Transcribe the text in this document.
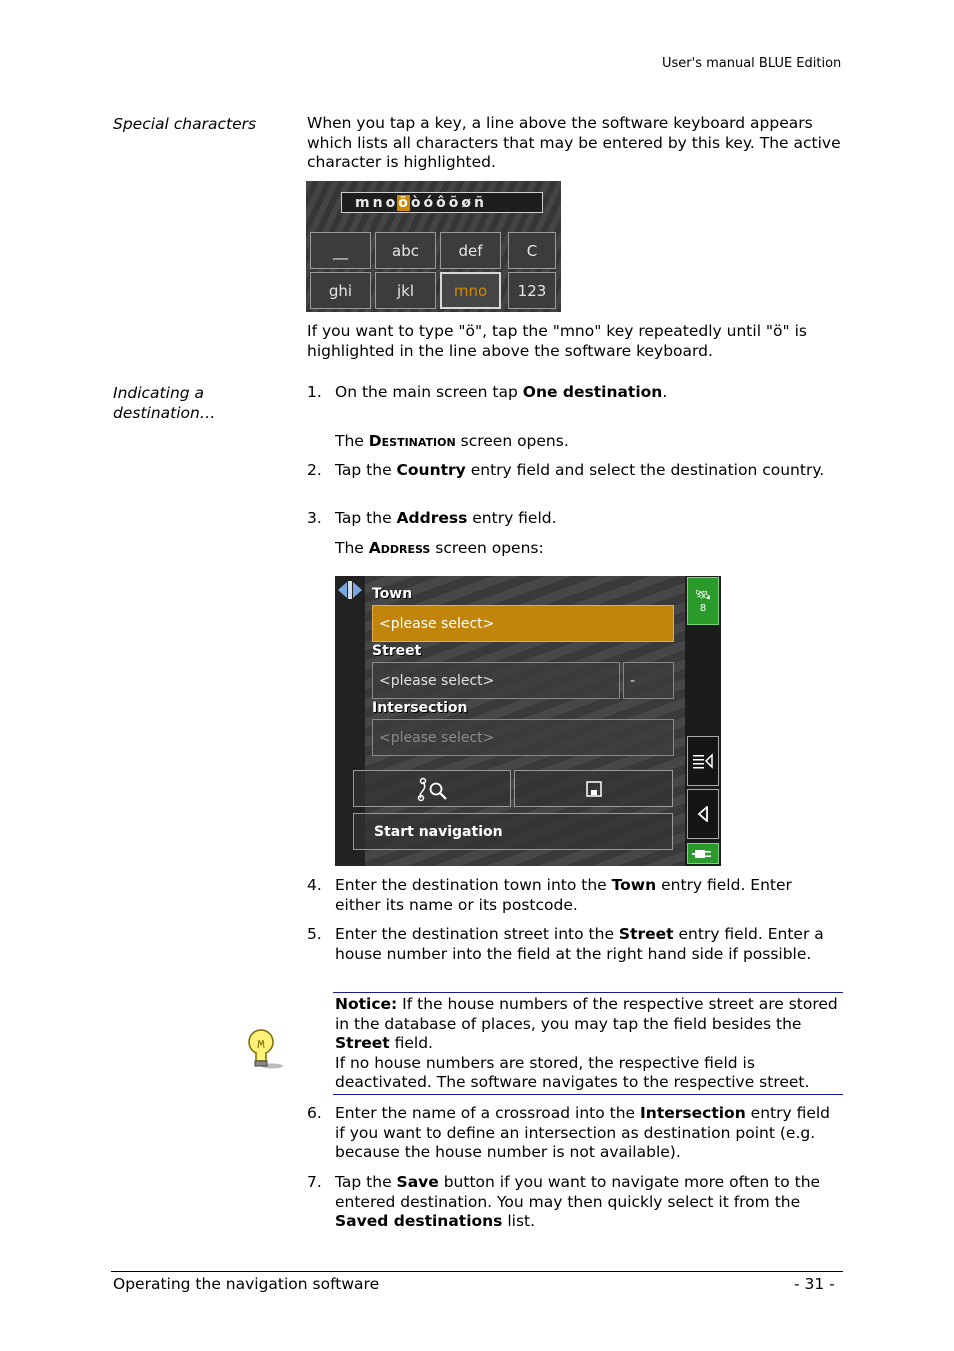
User's manual BLUE Edition
Special characters	When you tap a key, a line above the software keyboard appears which lists all characters that may be entered by this key. The active character is highlighted.
m n o ö ò ó ô õ ø ñ
__	abc	def	C
ghi	jkl	mno	123
If you want to type "ö", tap the "mno" key repeatedly until "ö" is highlighted in the line above the software keyboard.
Indicating a
destination…
1. On the main screen tap One destination.
The Destination screen opens.
2. Tap the Country entry field and select the destination country.
3. Tap the Address entry field.
The Address screen opens:
🛰
8
Town
<please select>
Street
<please select>	-
Intersection
<please select>
Start navigation
4. Enter the destination town into the Town entry field. Enter either its name or its postcode.
5. Enter the destination street into the Street entry field. Enter a house number into the field at the right hand side if possible.
Notice: If the house numbers of the respective street are stored in the database of places, you may tap the field besides the Street field.
If no house numbers are stored, the respective field is deactivated. The software navigates to the respective street.
6. Enter the name of a crossroad into the Intersection entry field if you want to define an intersection as destination point (e.g. because the house number is not available).
7. Tap the Save button if you want to navigate more often to the entered destination. You may then quickly select it from the Saved destinations list.
Operating the navigation software	- 31 -
